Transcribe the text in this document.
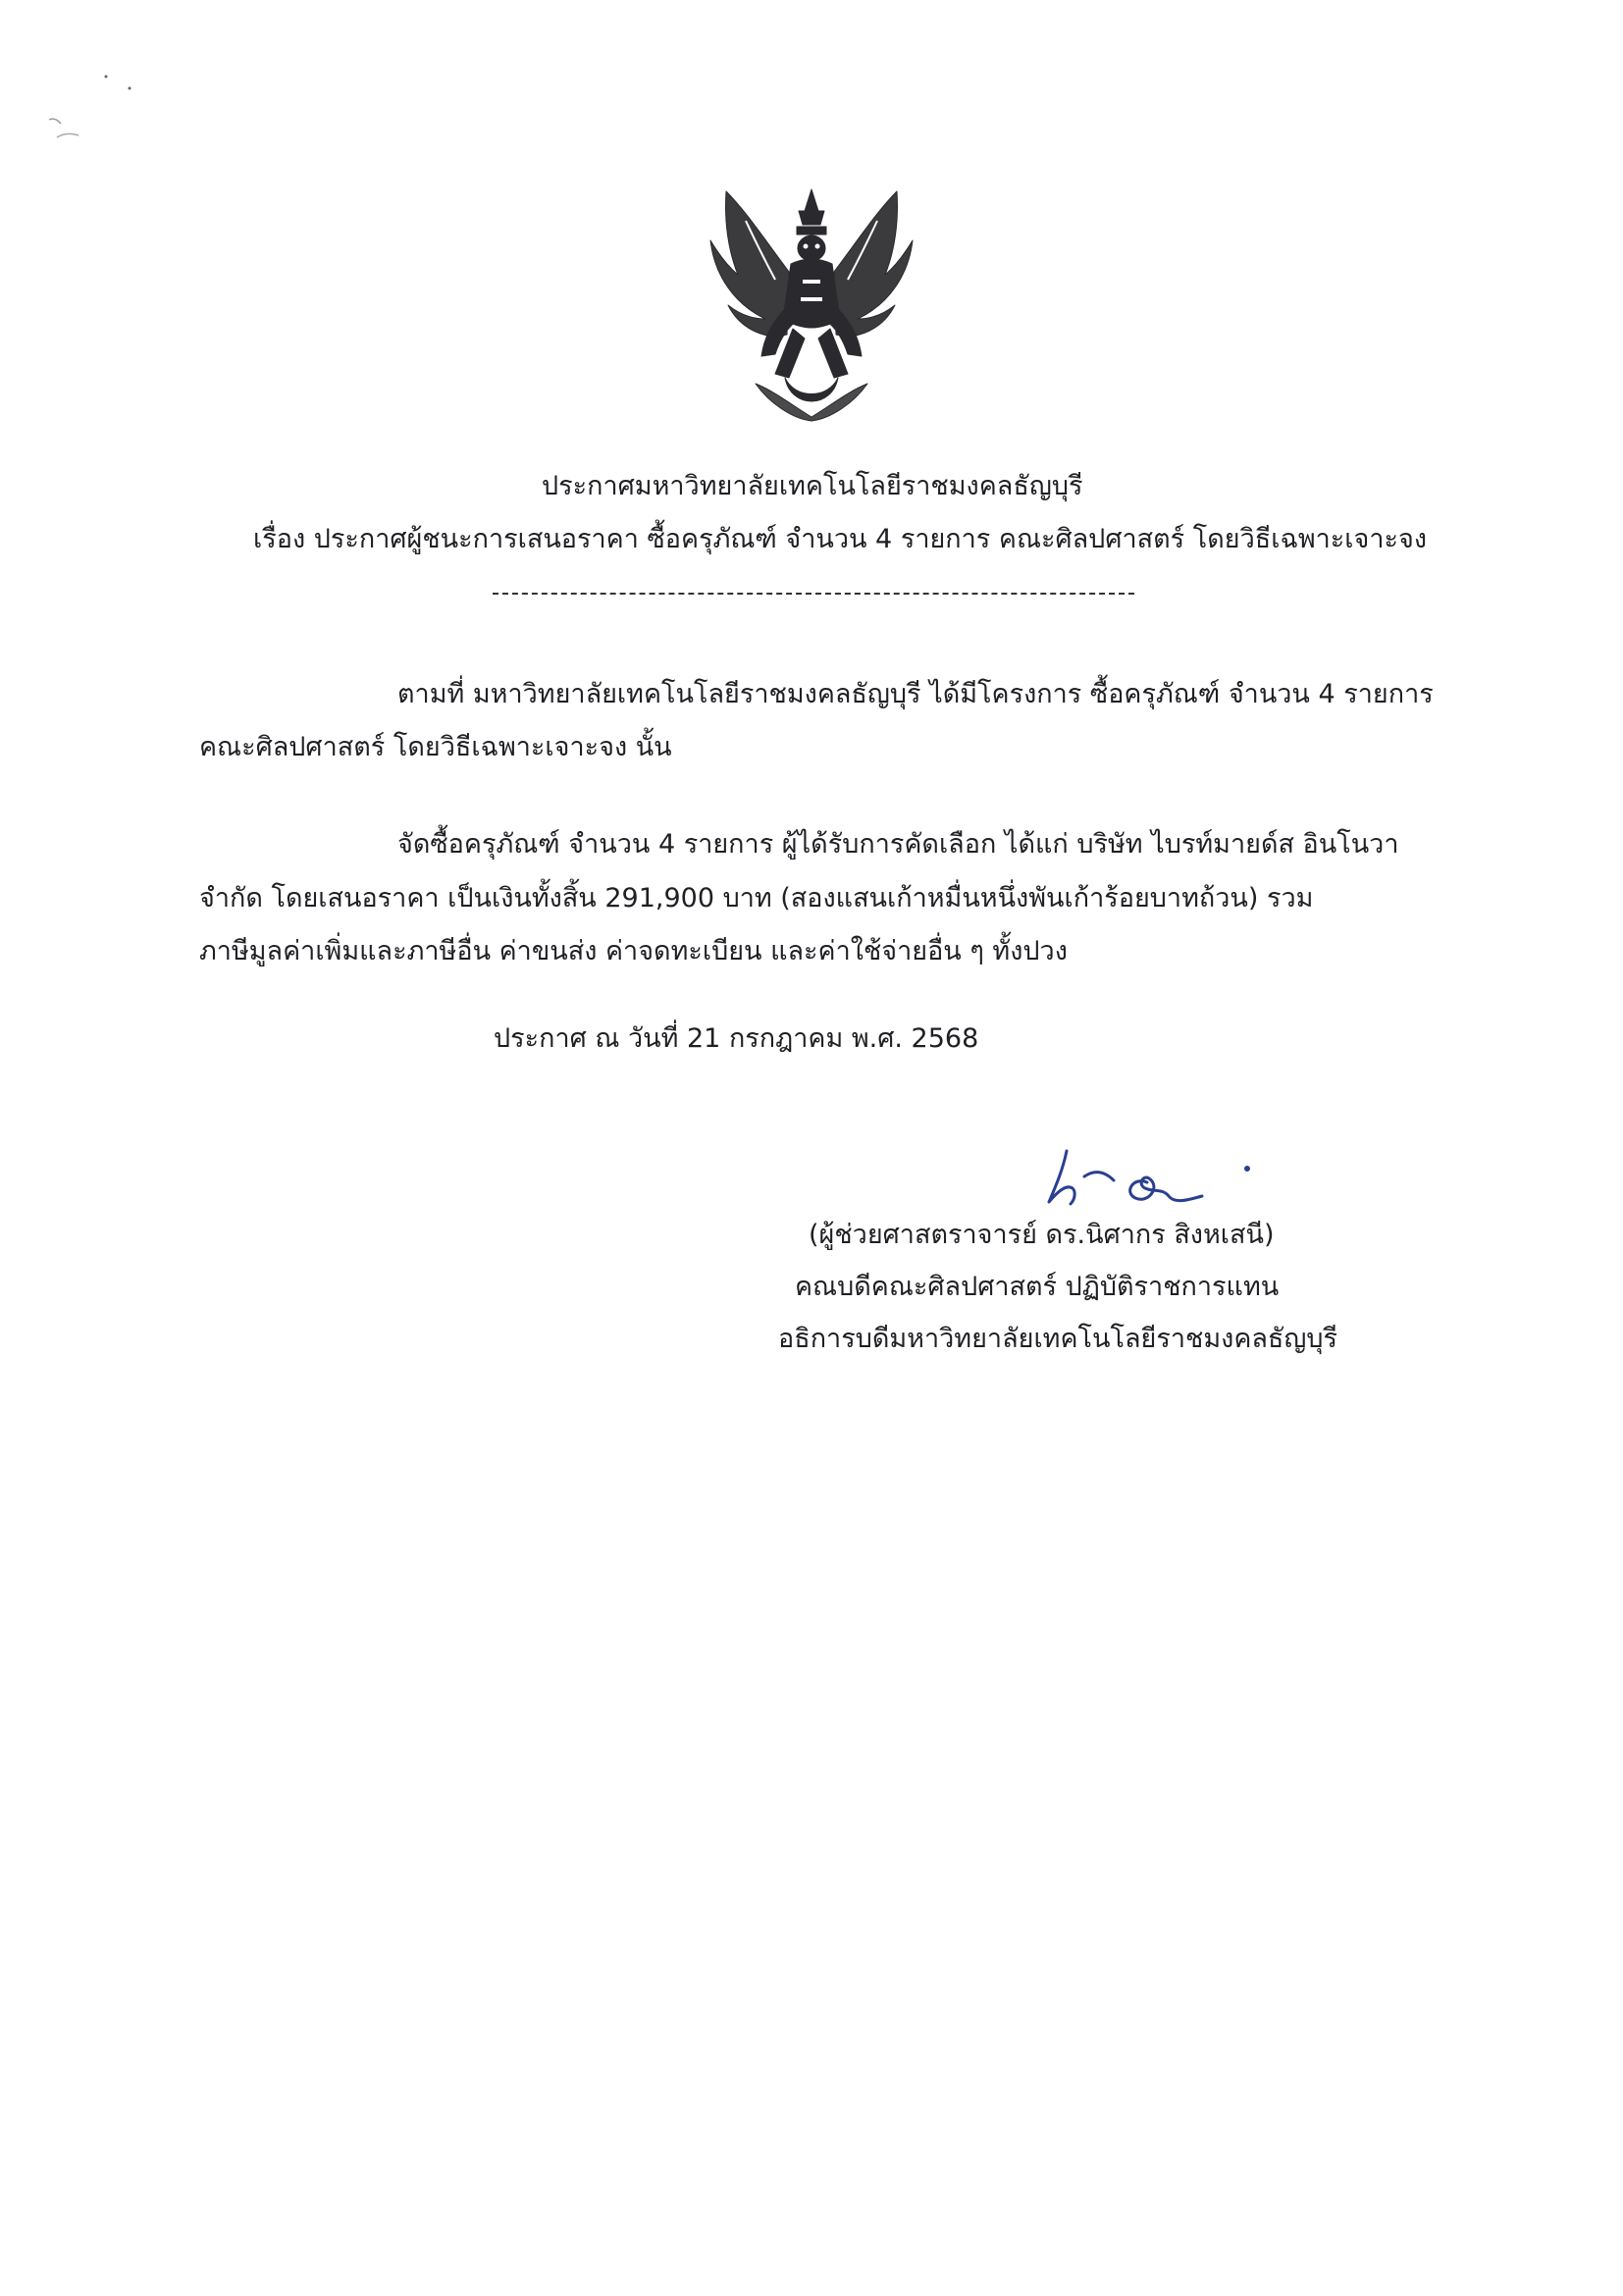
ประกาศมหาวิทยาลัยเทคโนโลยีราชมงคลธัญบุรี
เรื่อง ประกาศผู้ชนะการเสนอราคา ซื้อครุภัณฑ์ จำนวน 4 รายการ คณะศิลปศาสตร์ โดยวิธีเฉพาะเจาะจง
ตามที่ มหาวิทยาลัยเทคโนโลยีราชมงคลธัญบุรี ได้มีโครงการ ซื้อครุภัณฑ์ จำนวน 4 รายการ
คณะศิลปศาสตร์ โดยวิธีเฉพาะเจาะจง นั้น
จัดซื้อครุภัณฑ์ จำนวน 4 รายการ ผู้ได้รับการคัดเลือก ได้แก่ บริษัท ไบรท์มายด์ส อินโนวา
จำกัด โดยเสนอราคา เป็นเงินทั้งสิ้น 291,900 บาท (สองแสนเก้าหมื่นหนึ่งพันเก้าร้อยบาทถ้วน) รวม
ภาษีมูลค่าเพิ่มและภาษีอื่น ค่าขนส่ง ค่าจดทะเบียน และค่าใช้จ่ายอื่น ๆ ทั้งปวง
ประกาศ ณ วันที่ 21 กรกฎาคม พ.ศ. 2568
(ผู้ช่วยศาสตราจารย์ ดร.นิศากร สิงหเสนี)
คณบดีคณะศิลปศาสตร์ ปฏิบัติราชการแทน
อธิการบดีมหาวิทยาลัยเทคโนโลยีราชมงคลธัญบุรี
